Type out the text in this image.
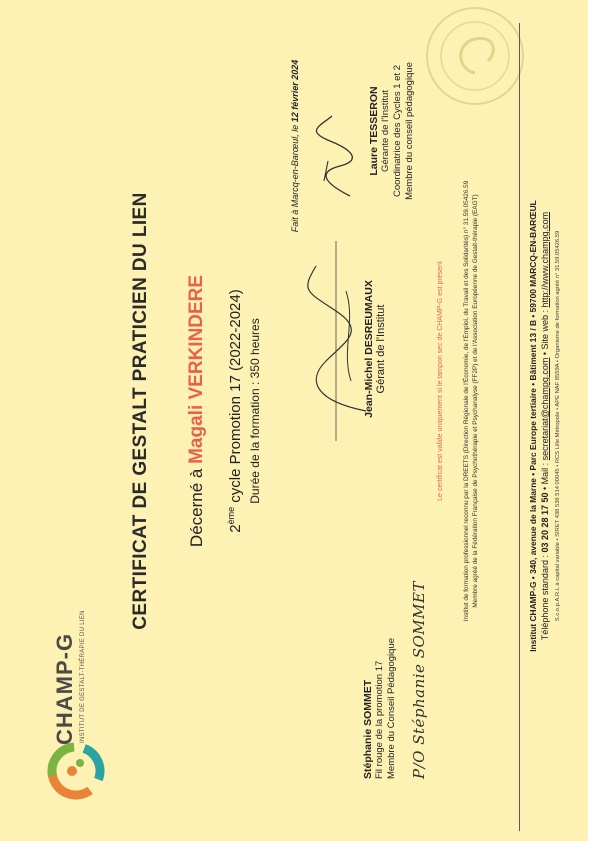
CHAMP-G INSTITUT DE GESTALT-THÉRAPIE DU LIEN
CERTIFICAT DE GESTALT PRATICIEN DU LIEN Décerné à Magali VERKINDERE
2ème cycle Promotion 17 (2022-2024) Durée de la formation : 350 heures
Fait à Marcq-en-Barœul, le 12 février 2024	Laure TESSERON Gérante de l'Institut Coordinatrice des Cycles 1 et 2 Membre du conseil pédagogique
Jean-Michel DESREUMAUX Gérant de l'Institut
Stéphanie SOMMET Fil rouge de la promotion 17 Membre du Conseil Pédagogique P/O Stéphanie SOMMET
Le certificat est valide uniquement si le tampon sec de CHAMP-G est présent	Institut de formation professionnel reconnu par la DREETS (Direction Régionale de l'Économie, de l'Emploi, du Travail et des Solidarités) n° 31.59.05426.59 Membre agréé de la Fédération Française de Psychothérapie et Psychanalyse (FF2P) et de l'Association Européenne de Gestalt-thérapie (EAGT)	Institut CHAMP-G • 340, avenue de la Marne • Parc Europe tertiaire • Bâtiment 13 / B • 59700 MARCQ-EN-BARŒUL Téléphone standard : 03 20 28 17 50 • Mail : secretariat@champg.com • Site web : http://www.champg.com S.c.o.p.A.R.L à capital variable • SIRET 438 538 514 00045 • RCS Lille Métropole • APE NAF 8559A • Organisme de formation agréé n° 31.59.05426.59
